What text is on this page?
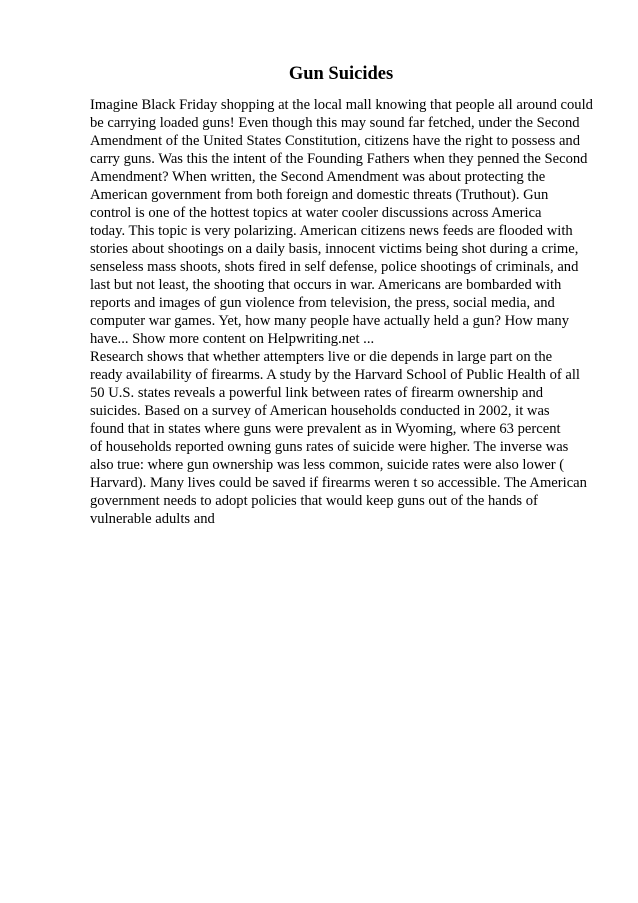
Gun Suicides
Imagine Black Friday shopping at the local mall knowing that people all around could
be carrying loaded guns! Even though this may sound far fetched, under the Second
Amendment of the United States Constitution, citizens have the right to possess and
carry guns. Was this the intent of the Founding Fathers when they penned the Second
Amendment? When written, the Second Amendment was about protecting the
American government from both foreign and domestic threats (Truthout). Gun
control is one of the hottest topics at water cooler discussions across America
today. This topic is very polarizing. American citizens news feeds are flooded with
stories about shootings on a daily basis, innocent victims being shot during a crime,
senseless mass shoots, shots fired in self defense, police shootings of criminals, and
last but not least, the shooting that occurs in war. Americans are bombarded with
reports and images of gun violence from television, the press, social media, and
computer war games. Yet, how many people have actually held a gun? How many
have... Show more content on Helpwriting.net ...
Research shows that whether attempters live or die depends in large part on the
ready availability of firearms. A study by the Harvard School of Public Health of all
50 U.S. states reveals a powerful link between rates of firearm ownership and
suicides. Based on a survey of American households conducted in 2002, it was
found that in states where guns were prevalent as in Wyoming, where 63 percent
of households reported owning guns rates of suicide were higher. The inverse was
also true: where gun ownership was less common, suicide rates were also lower (
Harvard). Many lives could be saved if firearms weren t so accessible. The American
government needs to adopt policies that would keep guns out of the hands of
vulnerable adults and
